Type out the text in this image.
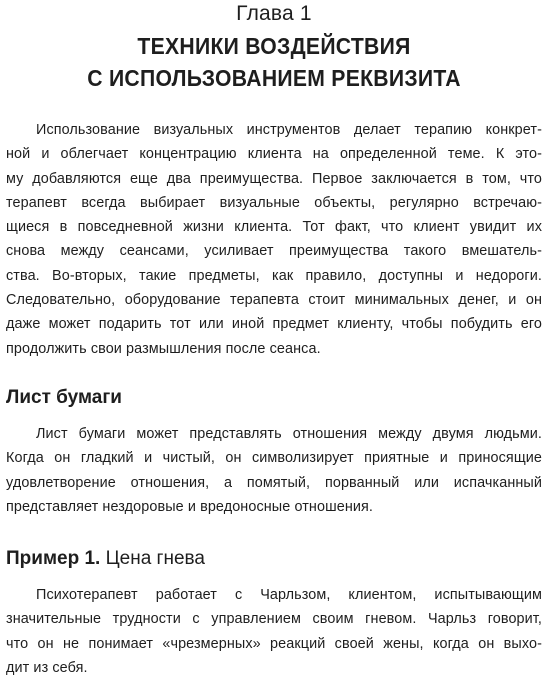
Глава 1
ТЕХНИКИ ВОЗДЕЙСТВИЯ
С ИСПОЛЬЗОВАНИЕМ РЕКВИЗИТА

Использование визуальных инструментов делает терапию конкрет-
ной и облегчает концентрацию клиента на определенной теме. К это-
му добавляются еще два преимущества. Первое заключается в том, что
терапевт всегда выбирает визуальные объекты, регулярно встречаю-
щиеся в повседневной жизни клиента. Тот факт, что клиент увидит их
снова между сеансами, усиливает преимущества такого вмешатель-
ства. Во-вторых, такие предметы, как правило, доступны и недороги.
Следовательно, оборудование терапевта стоит минимальных денег, и он
даже может подарить тот или иной предмет клиенту, чтобы побудить его
продолжить свои размышления после сеанса.

Лист бумаги

Лист бумаги может представлять отношения между двумя людьми.
Когда он гладкий и чистый, он символизирует приятные и приносящие
удовлетворение отношения, а помятый, порванный или испачканный
представляет нездоровые и вредоносные отношения.

Пример 1. Цена гнева

Психотерапевт работает с Чарльзом, клиентом, испытывающим
значительные трудности с управлением своим гневом. Чарльз говорит,
что он не понимает «чрезмерных» реакций своей жены, когда он выхо-
дит из себя.
